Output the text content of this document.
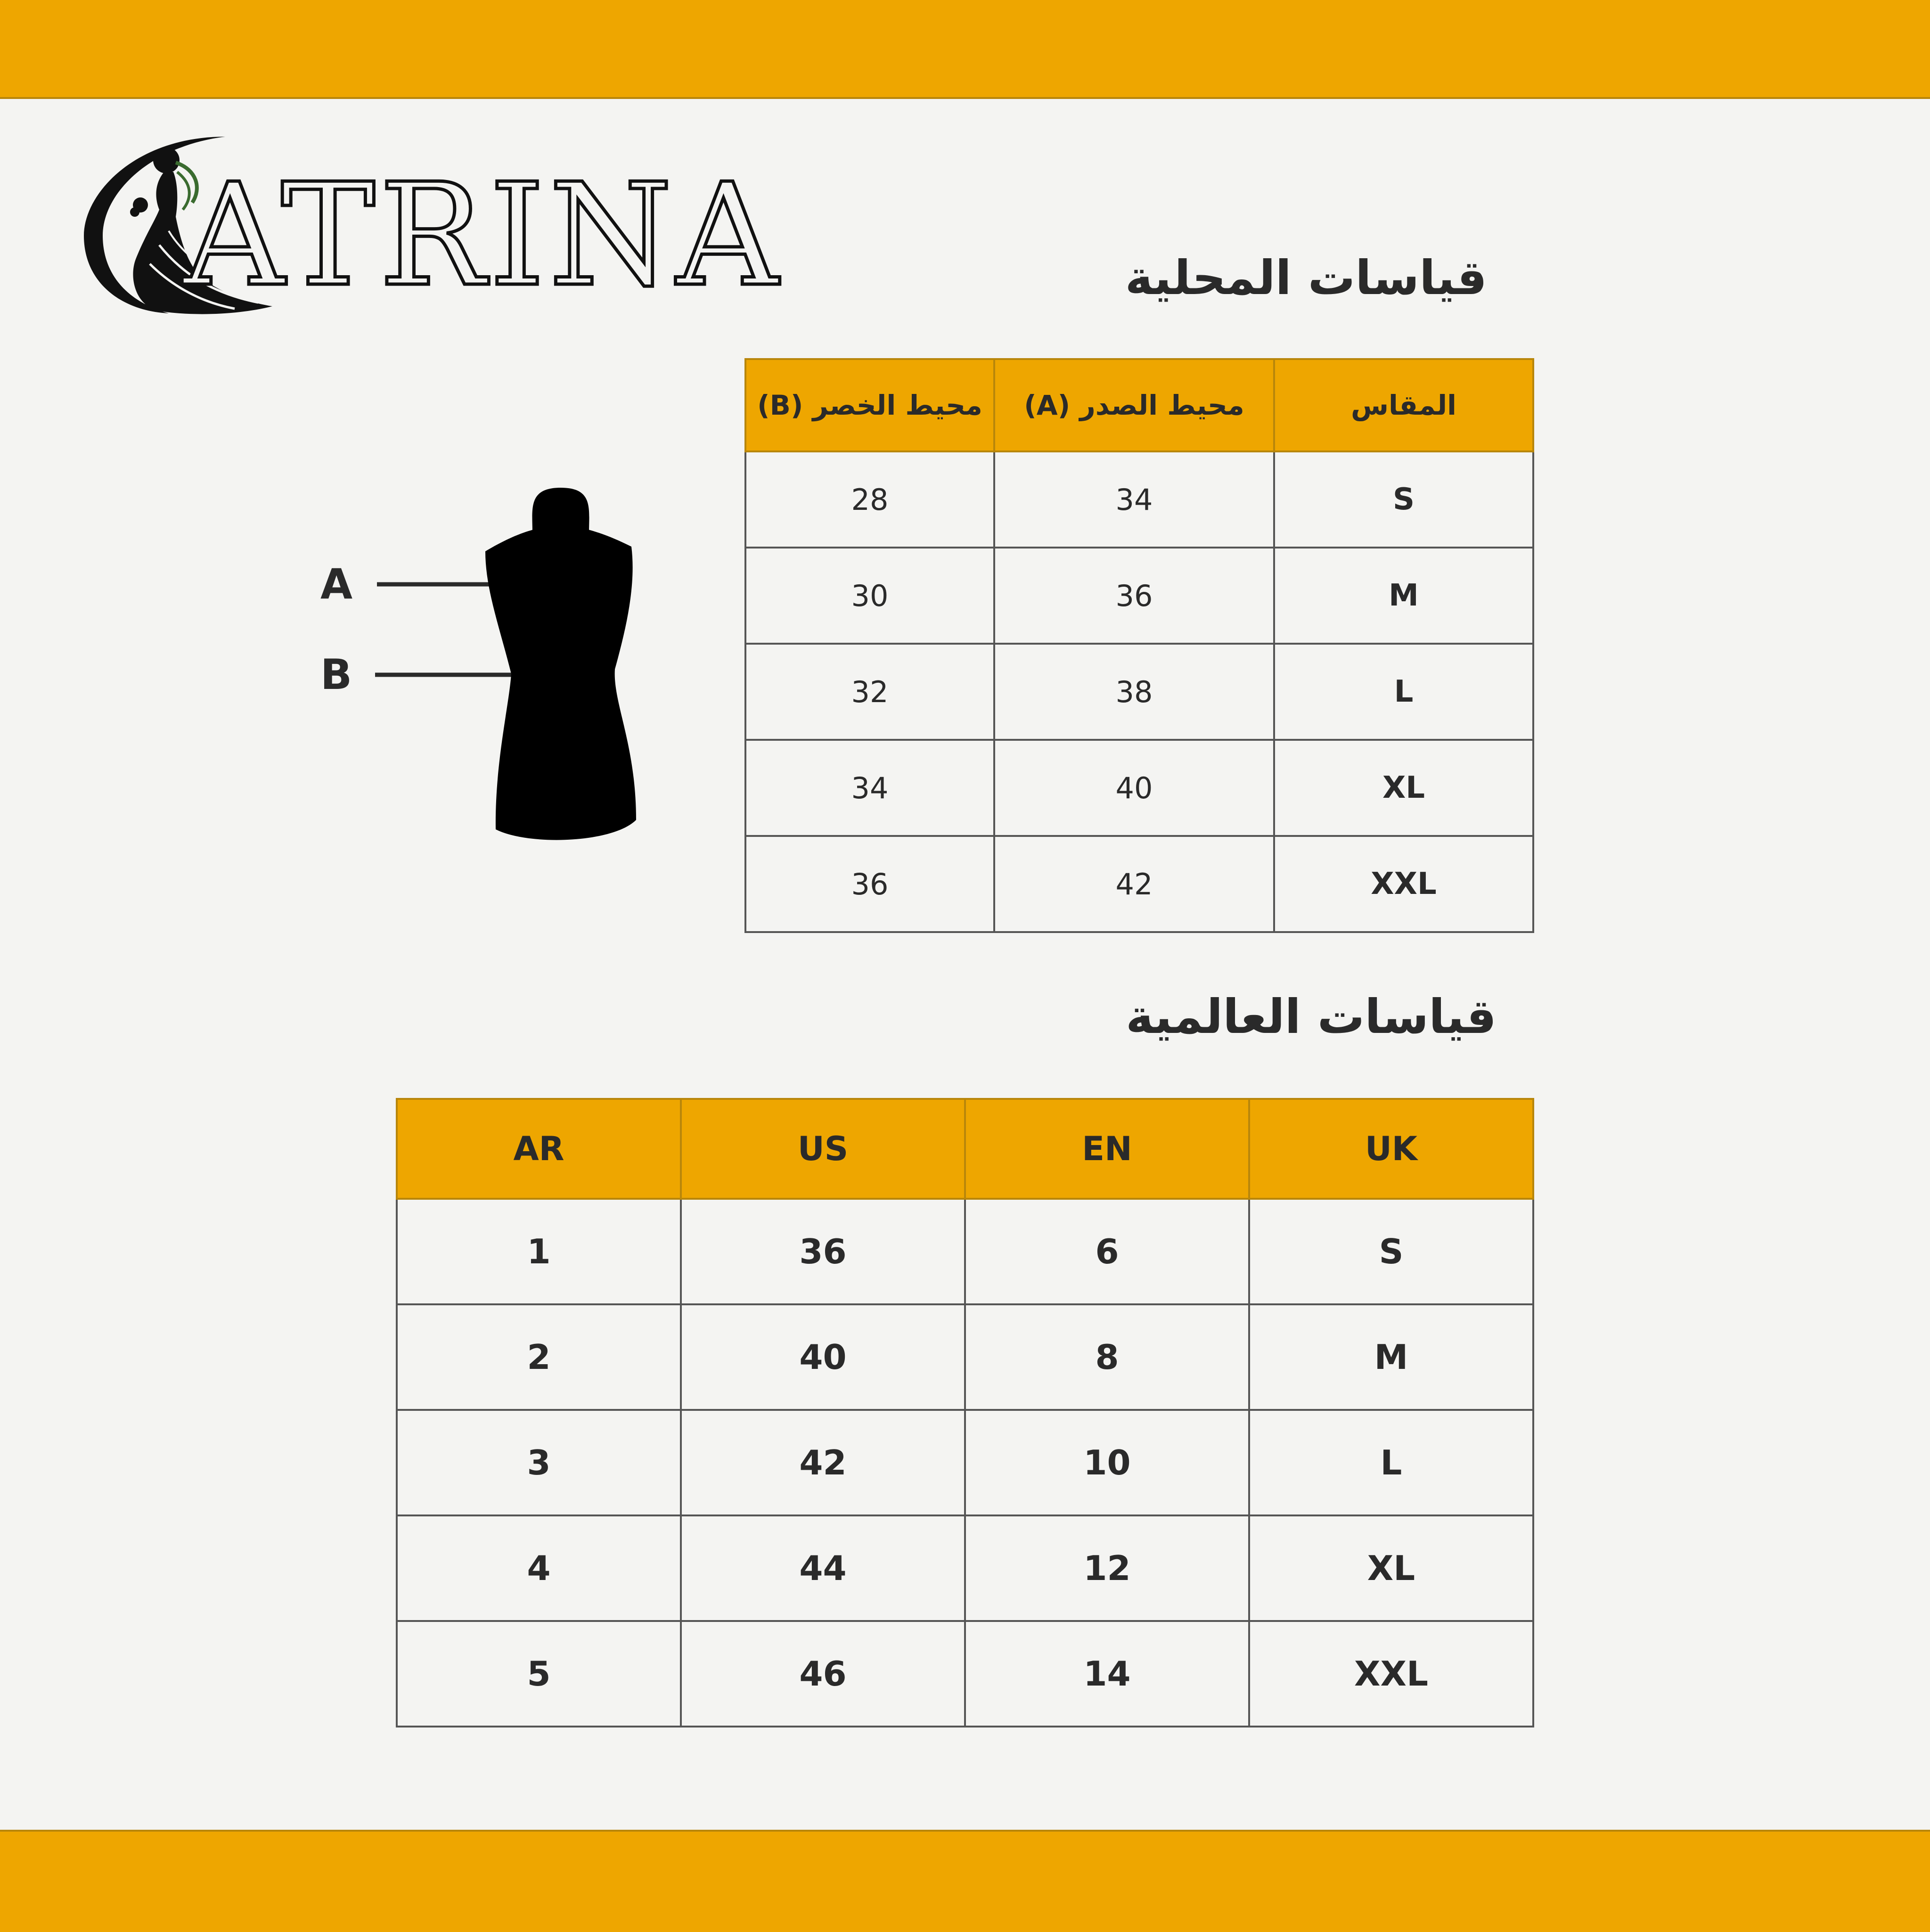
ATRINA	قياسات المحلية
محيط الخصر (B)	محيط الصدر (A)	المقاس
28	34	S
30	36	M
32	38	L
34	40	XL
36	42	XXL
A
B
قياسات العالمية
AR	US	EN	UK
1	36	6	S
2	40	8	M
3	42	10	L
4	44	12	XL
5	46	14	XXL
